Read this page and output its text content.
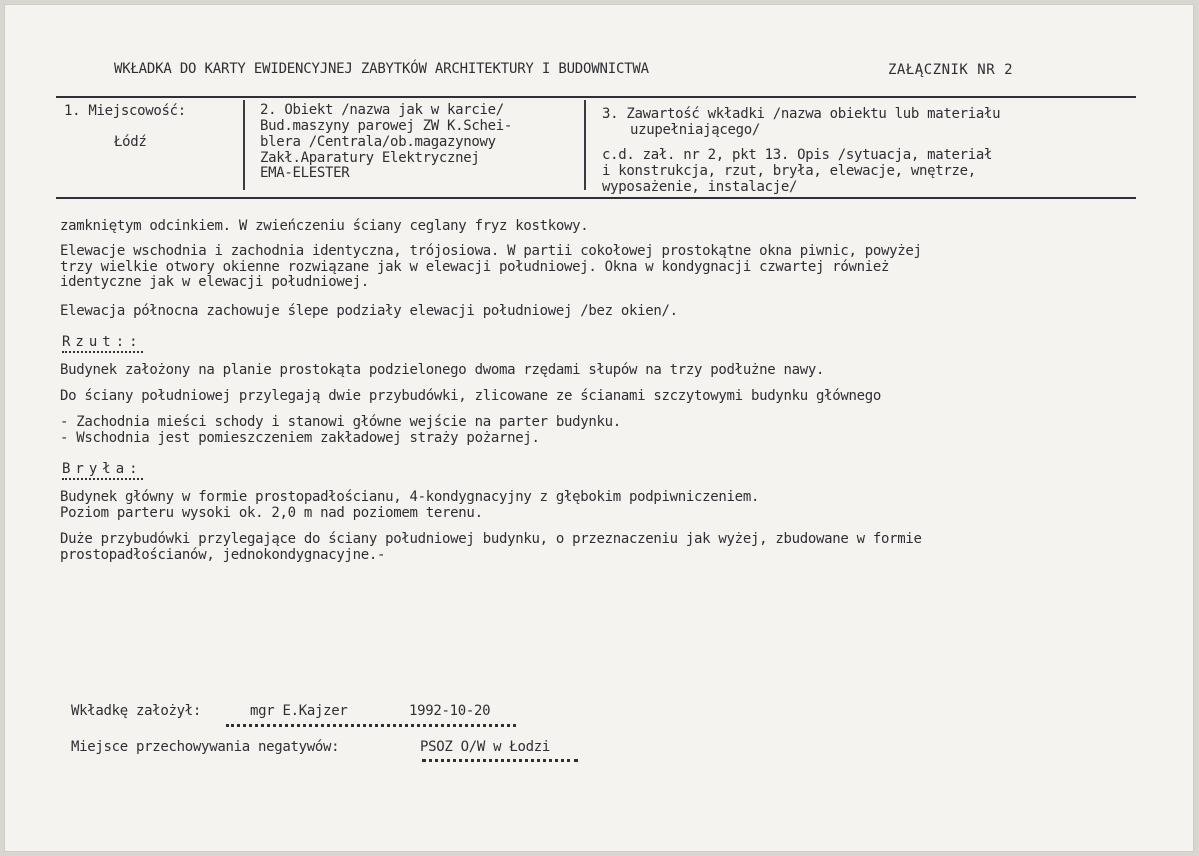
WKŁADKA DO KARTY EWIDENCYJNEJ ZABYTKÓW ARCHITEKTURY I BUDOWNICTWA	ZAŁĄCZNIK NR 2
1. Miejscowość:
Łódź
2. Obiekt /nazwa jak w karcie/
Bud.maszyny parowej ZW K.Schei-
blera /Centrala/ob.magazynowy
Zakł.Aparatury Elektrycznej
EMA-ELESTER
3. Zawartość wkładki /nazwa obiektu lub materiału
uzupełniającego/
c.d. zał. nr 2, pkt 13. Opis /sytuacja, materiał
i konstrukcja, rzut, bryła, elewacje, wnętrze,
wyposażenie, instalacje/
zamkniętym odcinkiem. W zwieńczeniu ściany ceglany fryz kostkowy.
Elewacje wschodnia i zachodnia identyczna, trójosiowa. W partii cokołowej prostokątne okna piwnic, powyżej
trzy wielkie otwory okienne rozwiązane jak w elewacji południowej. Okna w kondygnacji czwartej również
identyczne jak w elewacji południowej.
Elewacja północna zachowuje ślepe podziały elewacji południowej /bez okien/.
Rzut::
Budynek założony na planie prostokąta podzielonego dwoma rzędami słupów na trzy podłużne nawy.
Do ściany południowej przylegają dwie przybudówki, zlicowane ze ścianami szczytowymi budynku głównego
- Zachodnia mieści schody i stanowi główne wejście na parter budynku.
- Wschodnia jest pomieszczeniem zakładowej straży pożarnej.
Bryła:
Budynek główny w formie prostopadłościanu, 4-kondygnacyjny z głębokim podpiwniczeniem.
Poziom parteru wysoki ok. 2,0 m nad poziomem terenu.
Duże przybudówki przylegające do ściany południowej budynku, o przeznaczeniu jak wyżej, zbudowane w formie
prostopadłościanów, jednokondygnacyjne.-
Wkładkę założył:	mgr E.Kajzer	1992-10-20
Miejsce przechowywania negatywów:	PSOZ O/W w Łodzi
